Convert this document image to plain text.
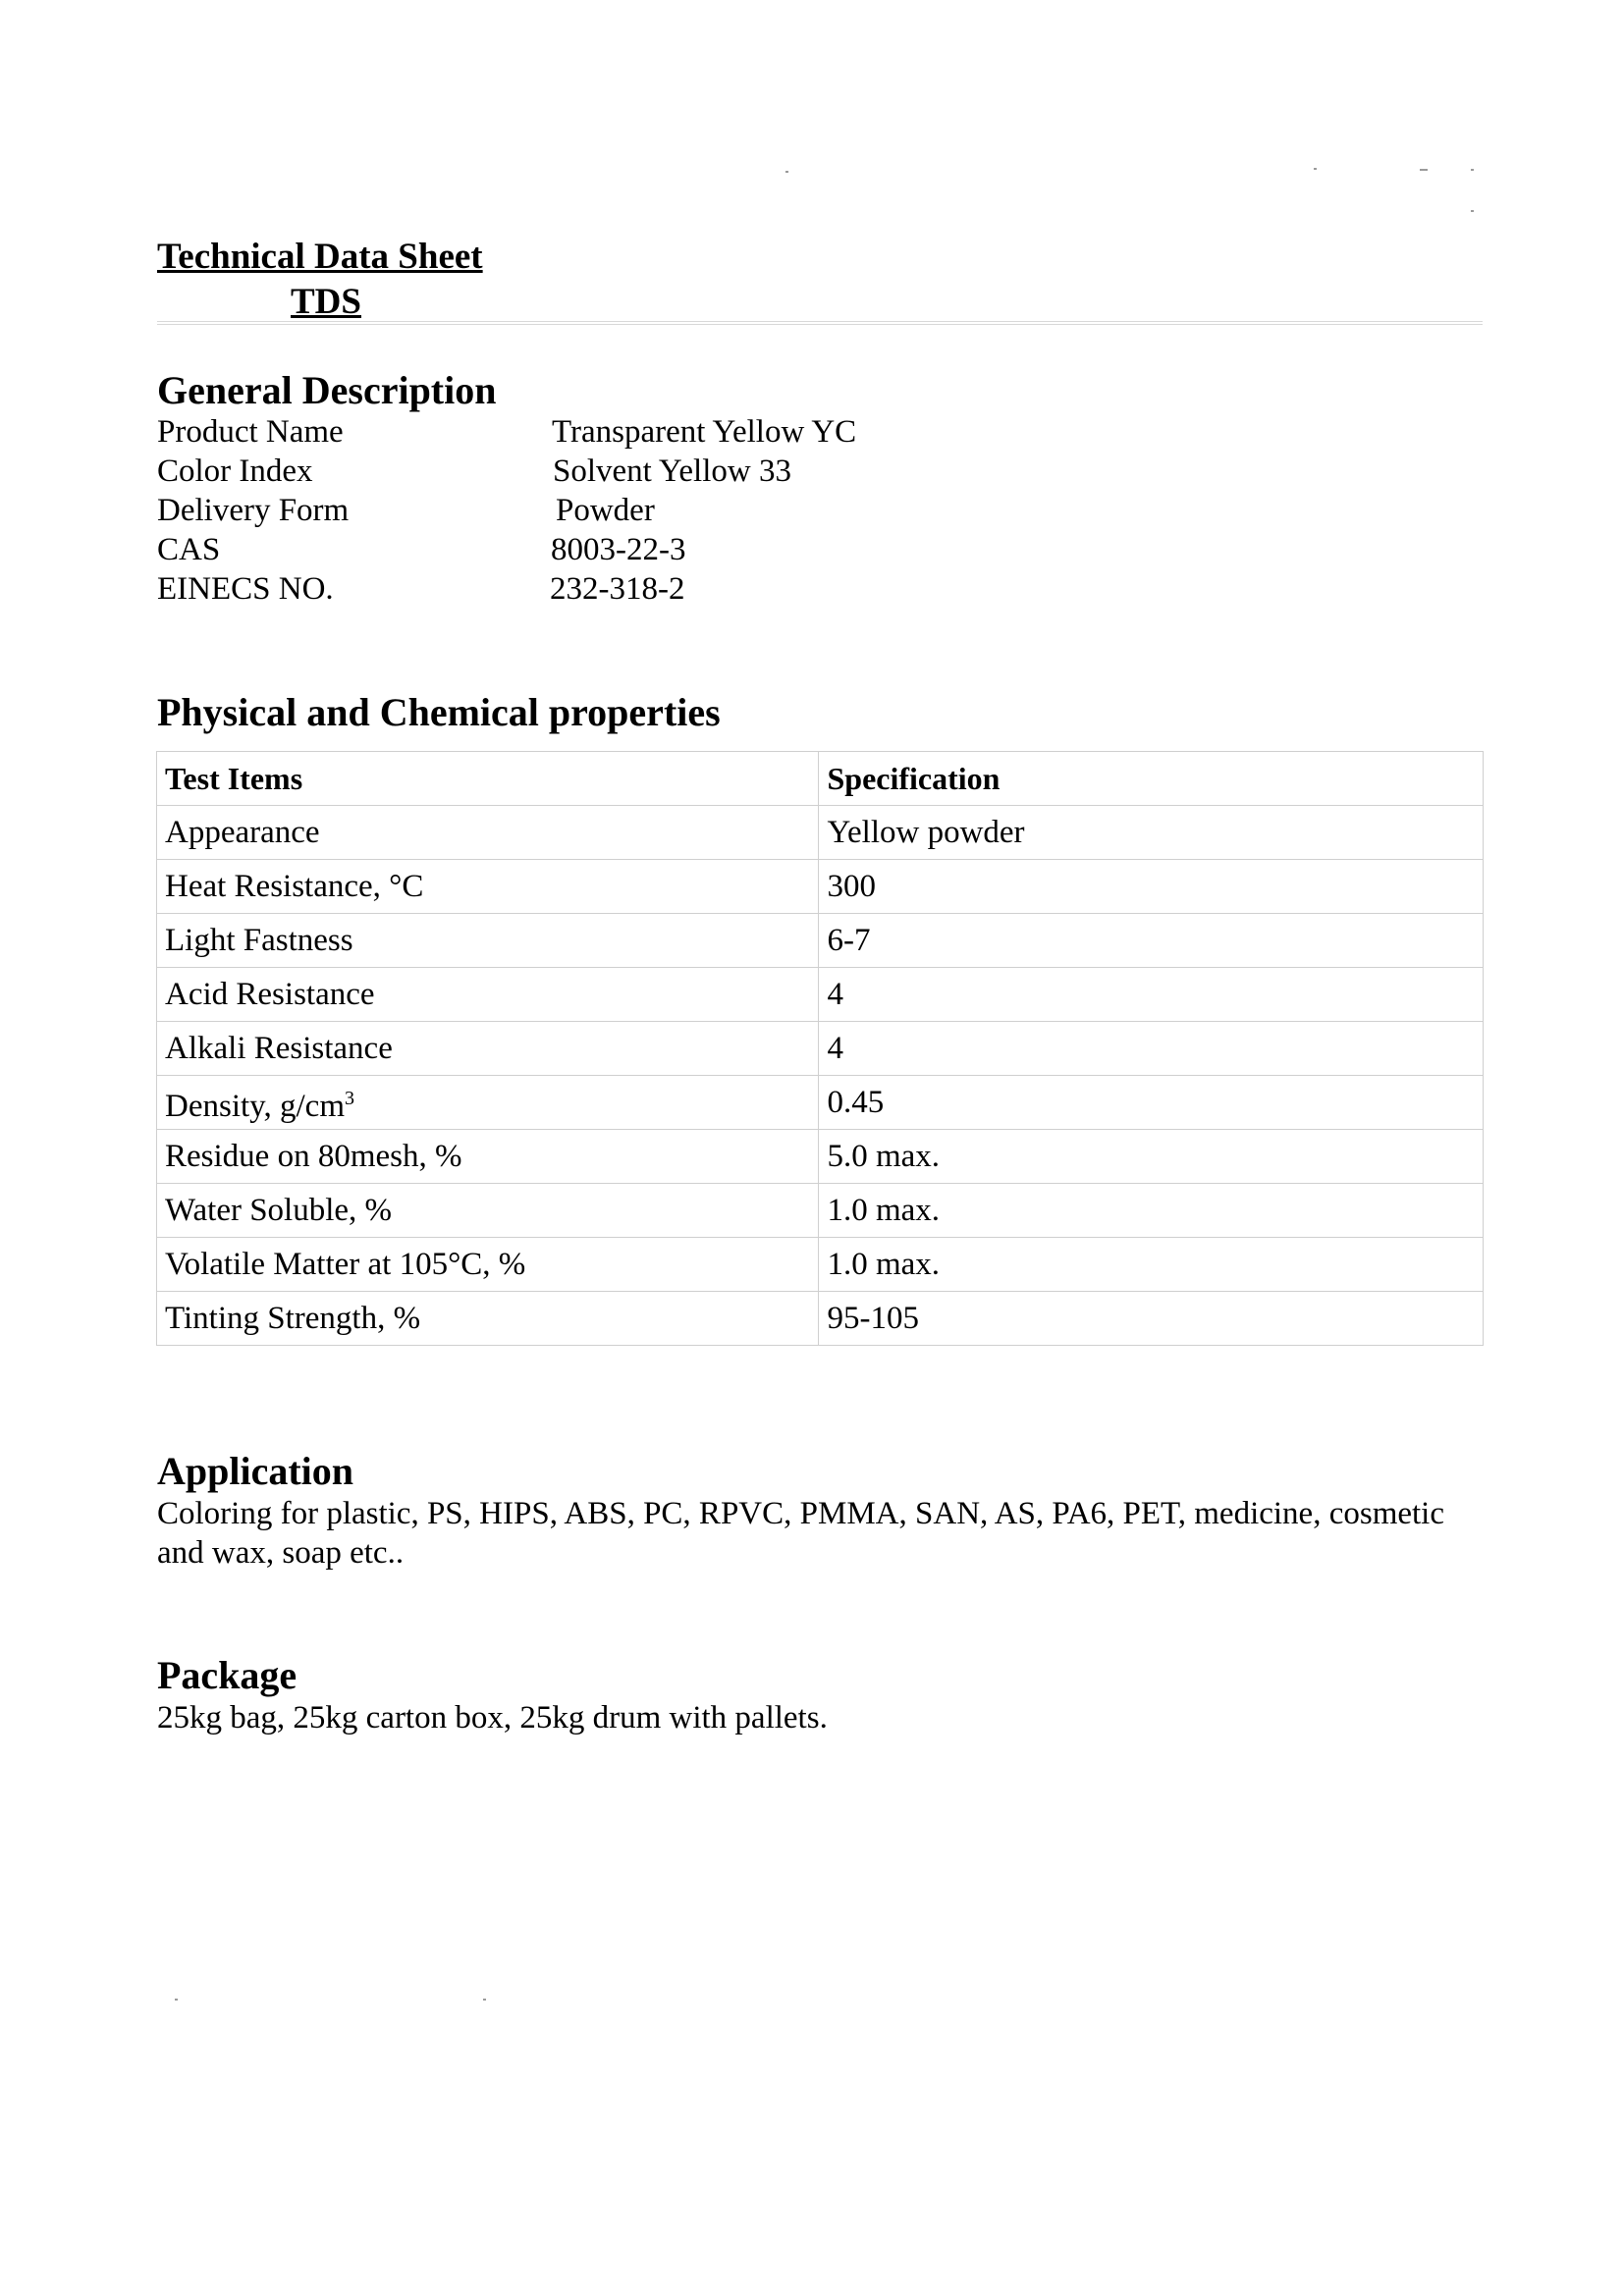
Technical Data Sheet
TDS
General Description
Product Name	Transparent Yellow YC
Color Index	Solvent Yellow 33
Delivery Form	Powder
CAS	8003-22-3
EINECS NO.	232-318-2
Physical and Chemical properties
Test Items	Specification
Appearance	Yellow powder
Heat Resistance, °C	300
Light Fastness	6-7
Acid Resistance	4
Alkali Resistance	4
Density, $g/cm^3$	0.45
Residue on 80mesh, %	5.0 max.
Water Soluble, %	1.0 max.
Volatile Matter at 105°C, %	1.0 max.
Tinting Strength, %	95-105
Application
Coloring for plastic, PS, HIPS, ABS, PC, RPVC, PMMA, SAN, AS, PA6, PET, medicine, cosmetic
and wax, soap etc..
Package
25kg bag, 25kg carton box, 25kg drum with pallets.
